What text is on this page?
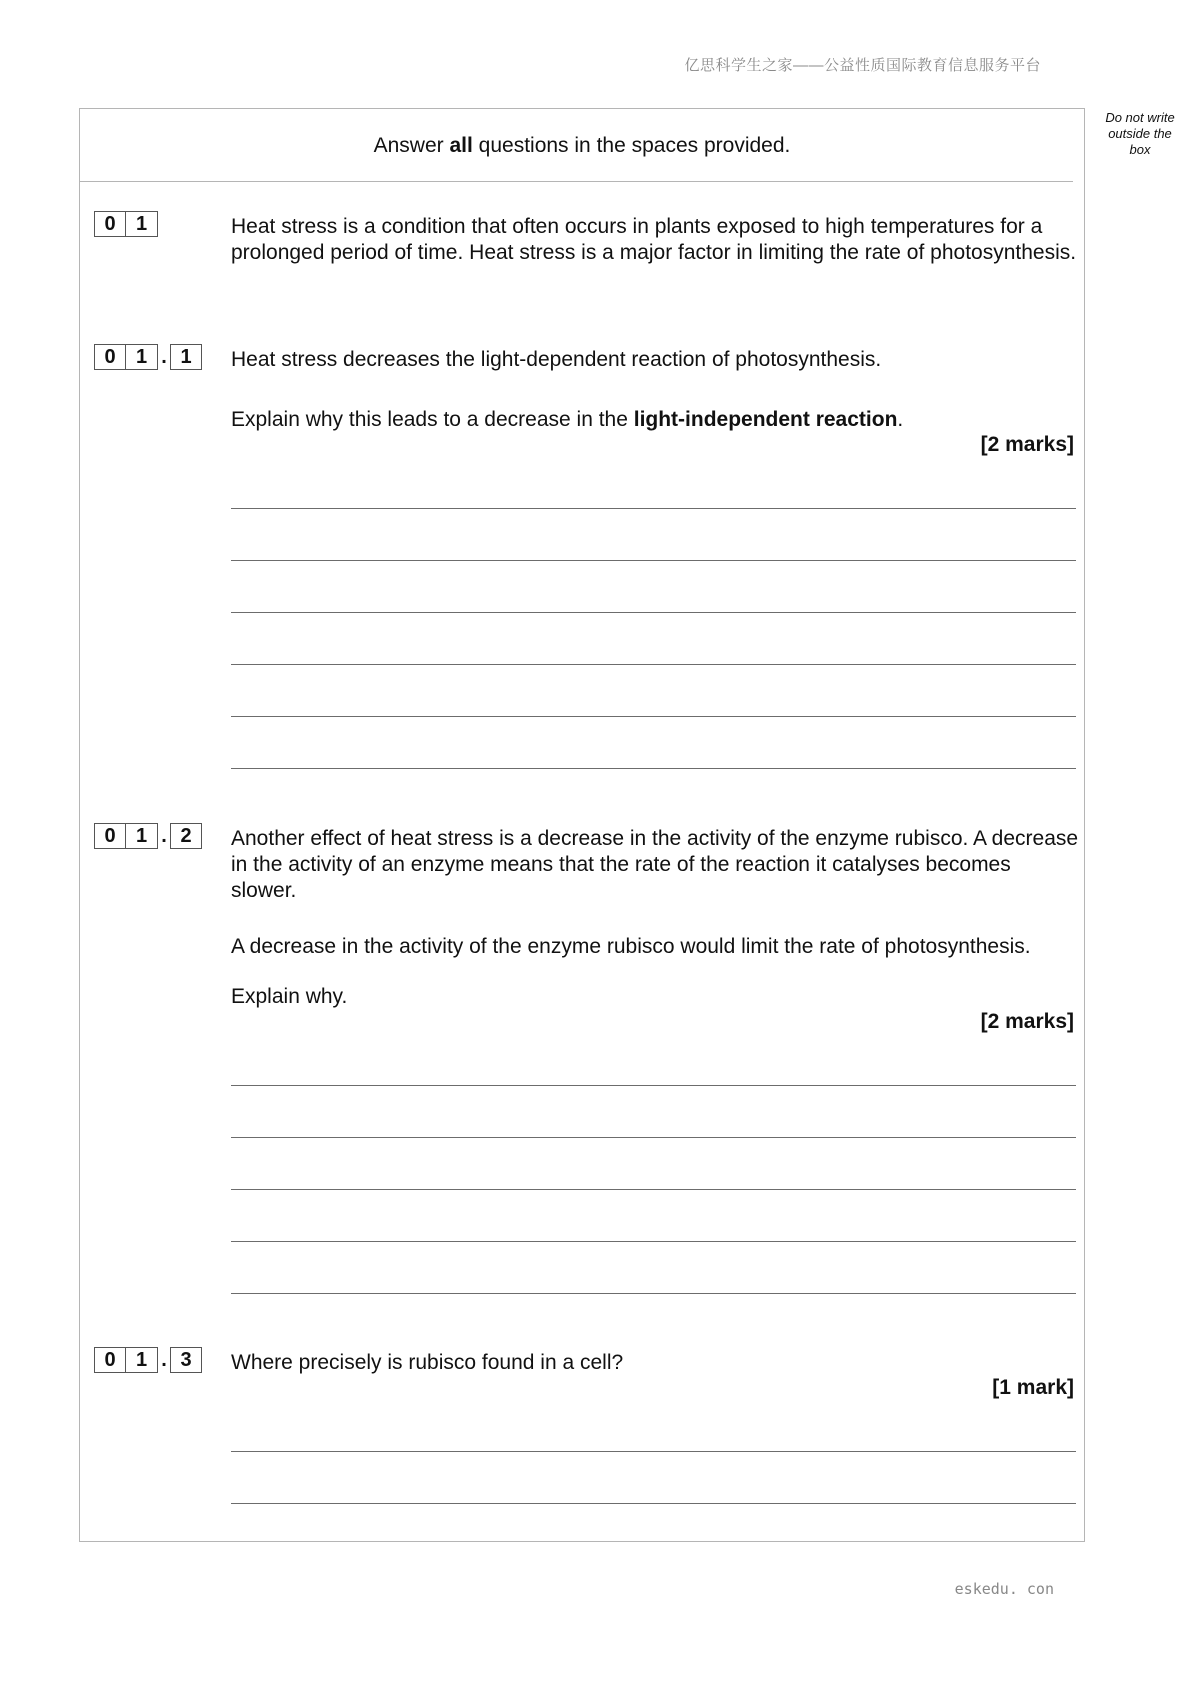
亿思科学生之家——公益性质国际教育信息服务平台
Do not write
outside the
box
Answer all questions in the spaces provided.
0	1	Heat stress is a condition that often occurs in plants exposed to high temperatures for a prolonged period of time. Heat stress is a major factor in limiting the rate of photosynthesis.
0	1 . 1	Heat stress decreases the light-dependent reaction of photosynthesis.
Explain why this leads to a decrease in the light-independent reaction.
[2 marks]
0	1 . 2	Another effect of heat stress is a decrease in the activity of the enzyme rubisco. A decrease in the activity of an enzyme means that the rate of the reaction it catalyses becomes slower.
A decrease in the activity of the enzyme rubisco would limit the rate of photosynthesis.
Explain why.
[2 marks]
0	1 . 3	Where precisely is rubisco found in a cell?
[1 mark]
eskedu. con
